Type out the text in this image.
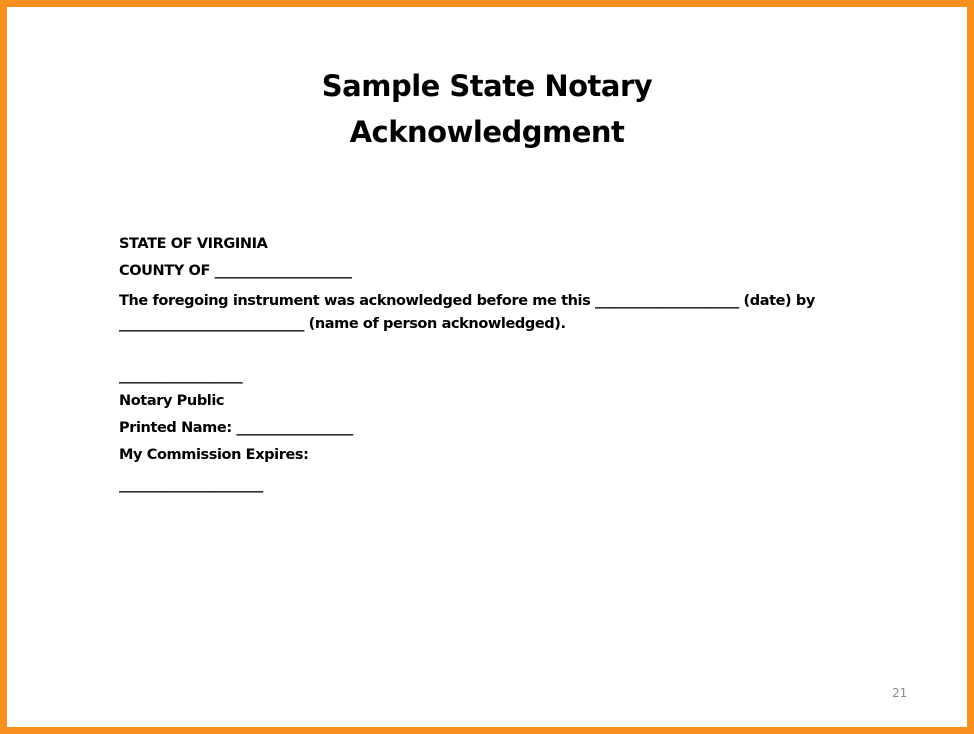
Sample State Notary
Acknowledgment
STATE OF VIRGINIA
COUNTY OF ____________________
The foregoing instrument was acknowledged before me this _____________________ (date) by
___________________________ (name of person acknowledged).
__________________
Notary Public
Printed Name: _________________
My Commission Expires:
_____________________
21
